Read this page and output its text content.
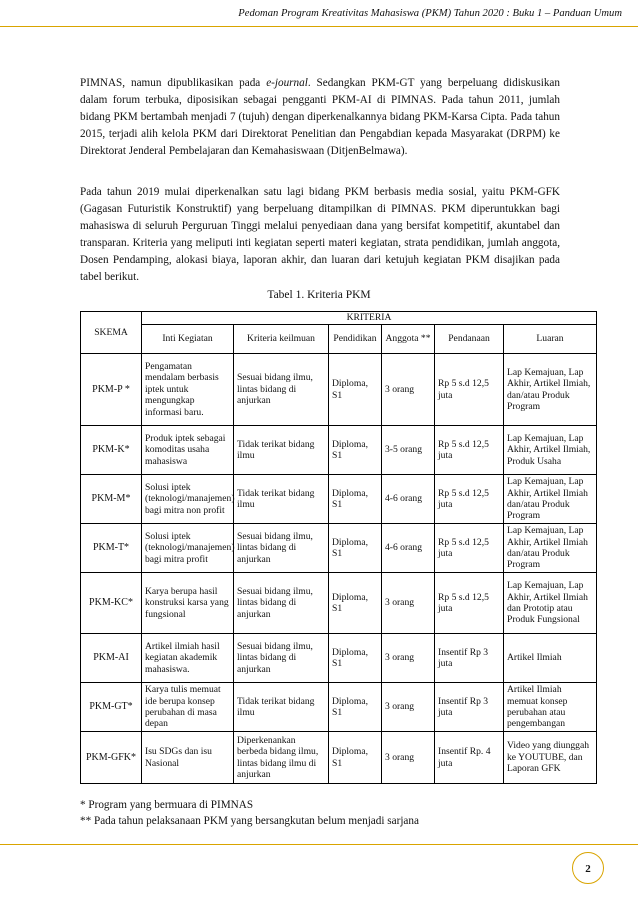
Pedoman Program Kreativitas Mahasiswa (PKM) Tahun 2020 : Buku 1 – Panduan Umum
PIMNAS, namun dipublikasikan pada e-journal. Sedangkan PKM-GT yang berpeluang didiskusikan dalam forum terbuka, diposisikan sebagai pengganti PKM-AI di PIMNAS. Pada tahun 2011, jumlah bidang PKM bertambah menjadi 7 (tujuh) dengan diperkenalkannya bidang PKM-Karsa Cipta. Pada tahun 2015, terjadi alih kelola PKM dari Direktorat Penelitian dan Pengabdian kepada Masyarakat (DRPM) ke Direktorat Jenderal Pembelajaran dan Kemahasiswaan (DitjenBelmawa).
Pada tahun 2019 mulai diperkenalkan satu lagi bidang PKM berbasis media sosial, yaitu PKM-GFK (Gagasan Futuristik Konstruktif) yang berpeluang ditampilkan di PIMNAS. PKM diperuntukkan bagi mahasiswa di seluruh Perguruan Tinggi melalui penyediaan dana yang bersifat kompetitif, akuntabel dan transparan. Kriteria yang meliputi inti kegiatan seperti materi kegiatan, strata pendidikan, jumlah anggota, Dosen Pendamping, alokasi biaya, laporan akhir, dan luaran dari ketujuh kegiatan PKM disajikan pada tabel berikut.
Tabel 1. Kriteria PKM
SKEMA	KRITERIA					
	Inti Kegiatan	Kriteria keilmuan	Pendidikan	Anggota **	Pendanaan	Luaran
PKM-P *	Pengamatan mendalam berbasis iptek untuk mengungkap informasi baru.	Sesuai bidang ilmu, lintas bidang di anjurkan	Diploma, S1	3 orang	Rp 5 s.d 12,5 juta	Lap Kemajuan, Lap Akhir, Artikel Ilmiah, dan/atau Produk Program
PKM-K*	Produk iptek sebagai komoditas usaha mahasiswa	Tidak terikat bidang ilmu	Diploma, S1	3-5 orang	Rp 5 s.d 12,5 juta	Lap Kemajuan, Lap Akhir, Artikel Ilmiah, Produk Usaha
PKM-M*	Solusi iptek (teknologi/manajemen) bagi mitra non profit	Tidak terikat bidang ilmu	Diploma, S1	4-6 orang	Rp 5 s.d 12,5 juta	Lap Kemajuan, Lap Akhir, Artikel Ilmiah dan/atau Produk Program
PKM-T*	Solusi iptek (teknologi/manajemen) bagi mitra profit	Sesuai bidang ilmu, lintas bidang di anjurkan	Diploma, S1	4-6 orang	Rp 5 s.d 12,5 juta	Lap Kemajuan, Lap Akhir, Artikel Ilmiah dan/atau Produk Program
PKM-KC*	Karya berupa hasil konstruksi karsa yang fungsional	Sesuai bidang ilmu, lintas bidang di anjurkan	Diploma, S1	3 orang	Rp 5 s.d 12,5 juta	Lap Kemajuan, Lap Akhir, Artikel Ilmiah dan Prototip atau Produk Fungsional
PKM-AI	Artikel ilmiah hasil kegiatan akademik mahasiswa.	Sesuai bidang ilmu, lintas bidang di anjurkan	Diploma, S1	3 orang	Insentif Rp 3 juta	Artikel Ilmiah
PKM-GT*	Karya tulis memuat ide berupa konsep perubahan di masa depan	Tidak terikat bidang ilmu	Diploma, S1	3 orang	Insentif Rp 3 juta	Artikel Ilmiah memuat konsep perubahan atau pengembangan
PKM-GFK*	Isu SDGs dan isu Nasional	Diperkenankan berbeda bidang ilmu, lintas bidang ilmu di anjurkan	Diploma, S1	3 orang	Insentif Rp. 4 juta	Video yang diunggah ke YOUTUBE, dan Laporan GFK
* Program yang bermuara di PIMNAS
** Pada tahun pelaksanaan PKM yang bersangkutan belum menjadi sarjana
2
